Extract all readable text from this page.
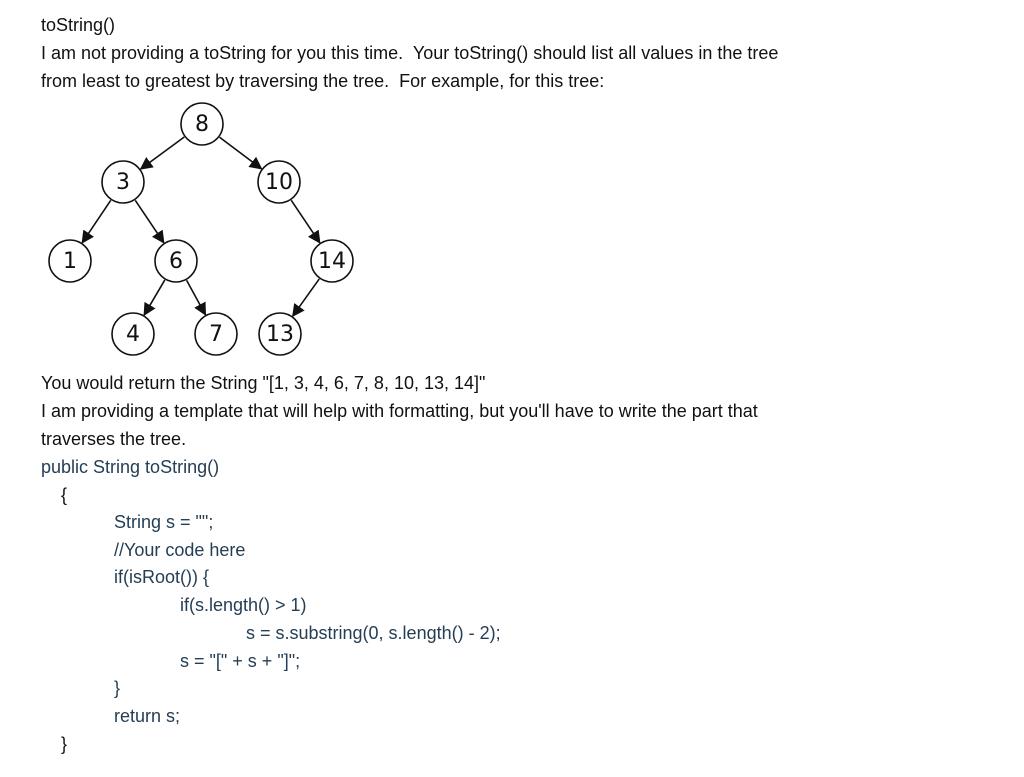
toString()
I am not providing a toString for you this time.  Your toString() should list all values in the tree
from least to greatest by traversing the tree.  For example, for this tree:
8
3	10
1	6	14
4	7 13
You would return the String "[1, 3, 4, 6, 7, 8, 10, 13, 14]"
I am providing a template that will help with formatting, but you'll have to write the part that
traverses the tree.
public String toString()
{
String s = "";
//Your code here
if(isRoot()) {
if(s.length() > 1)
s = s.substring(0, s.length() - 2);
s = "[" + s + "]";
}
return s;
}
